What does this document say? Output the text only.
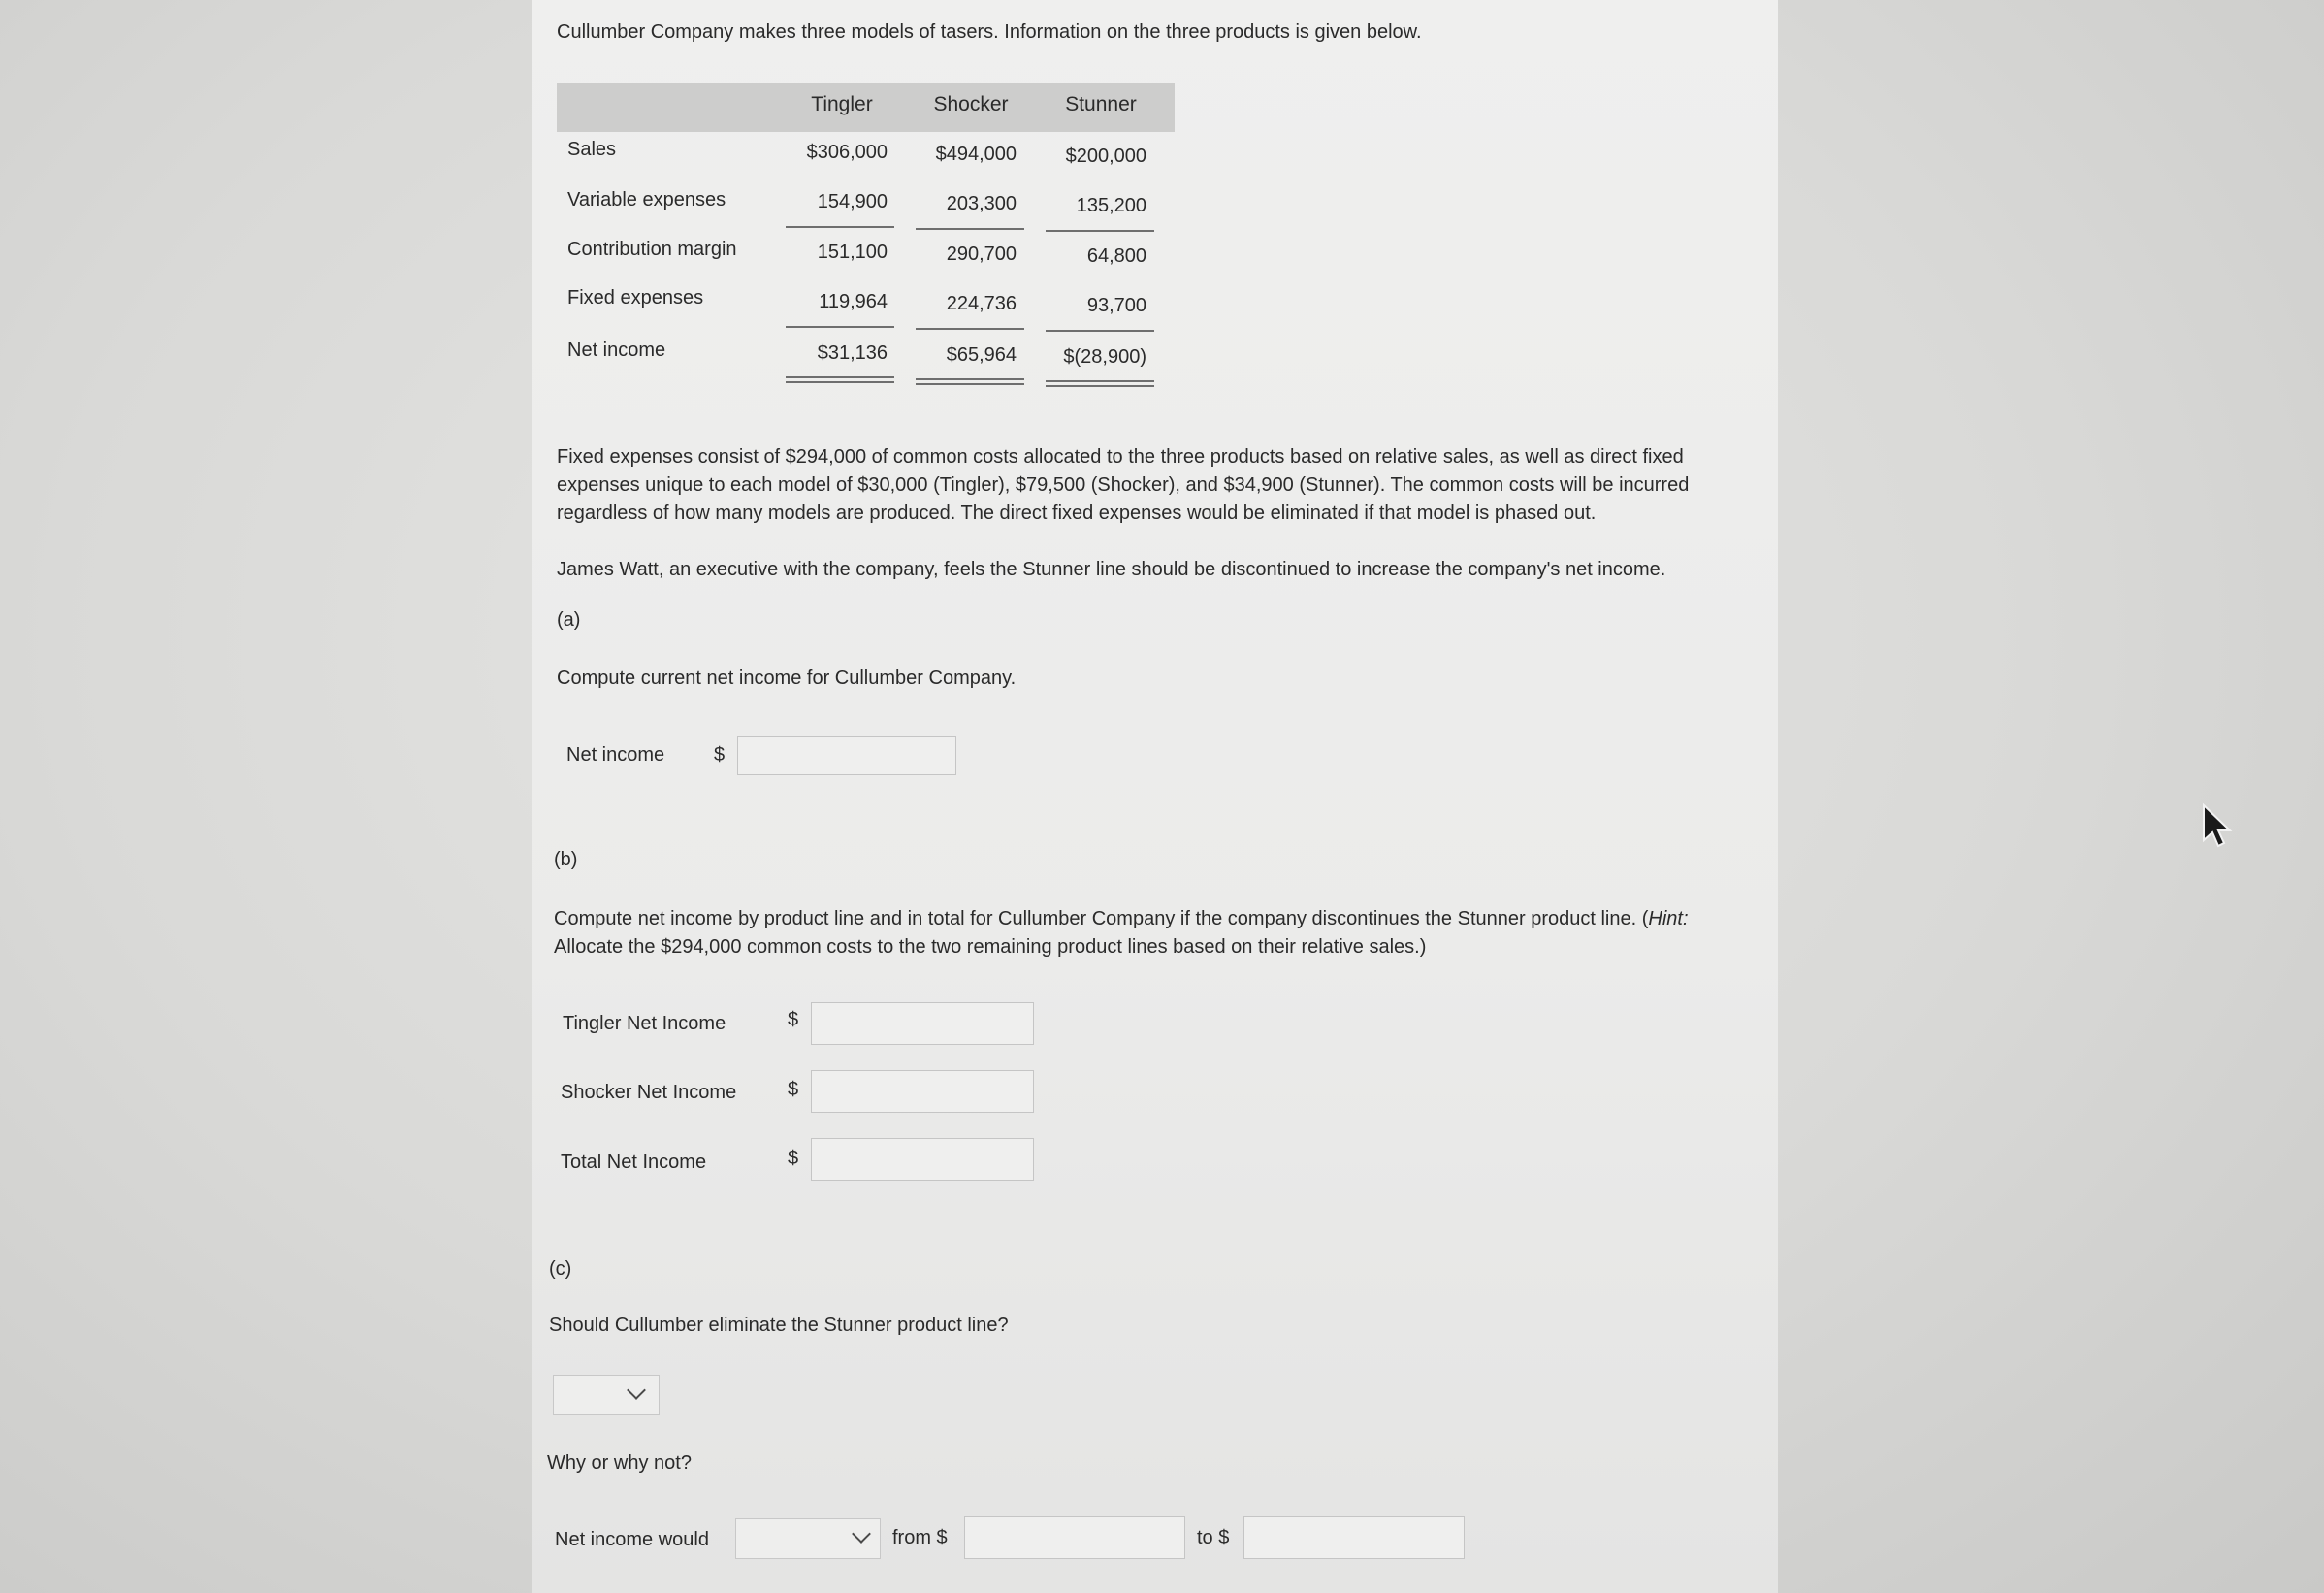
Cullumber Company makes three models of tasers. Information on the three products is given below.
Tingler	Shocker	Stunner
Sales	$306,000	$494,000	$200,000
Variable expenses	154,900	203,300	135,200
Contribution margin	151,100	290,700	64,800
Fixed expenses	119,964	224,736	93,700
Net income	$31,136	$65,964	$(28,900)
Fixed expenses consist of $294,000 of common costs allocated to the three products based on relative sales, as well as direct fixed
expenses unique to each model of $30,000 (Tingler), $79,500 (Shocker), and $34,900 (Stunner). The common costs will be incurred
regardless of how many models are produced. The direct fixed expenses would be eliminated if that model is phased out.
James Watt, an executive with the company, feels the Stunner line should be discontinued to increase the company's net income.
(a)
Compute current net income for Cullumber Company.
Net income	$
(b)
Compute net income by product line and in total for Cullumber Company if the company discontinues the Stunner product line. (Hint:
Allocate the $294,000 common costs to the two remaining product lines based on their relative sales.)
Tingler Net Income	$
Shocker Net Income	$
Total Net Income	$
(c)
Should Cullumber eliminate the Stunner product line?
Why or why not?
Net income would	from $	to $
